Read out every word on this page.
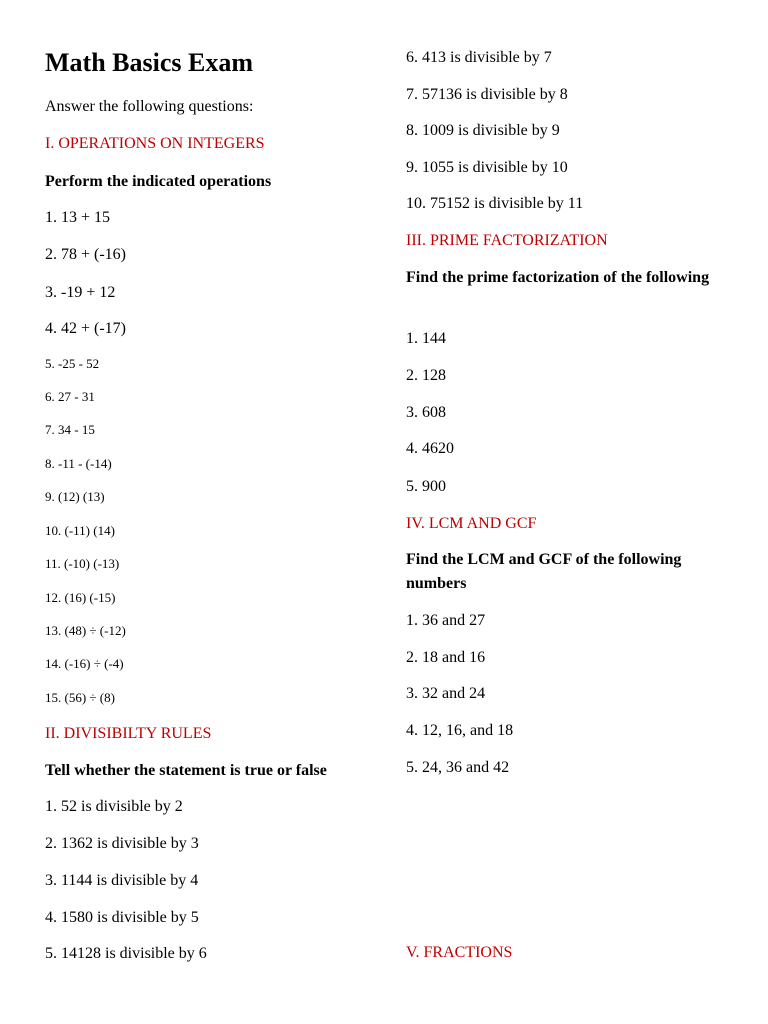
Math Basics Exam

Answer the following questions:

I. OPERATIONS ON INTEGERS

Perform the indicated operations

1. 13 + 15

2. 78 + (-16)

3. -19 + 12

4. 42 + (-17)

5. -25 - 52

6. 27 - 31

7. 34 - 15

8. -11 - (-14)

9. (12) (13)

10. (-11) (14)

11. (-10) (-13)

12. (16) (-15)

13. (48) ÷ (-12)

14. (-16) ÷ (-4)

15. (56) ÷ (8)

II. DIVISIBILTY RULES

Tell whether the statement is true or false

1. 52 is divisible by 2

2. 1362 is divisible by 3

3. 1144 is divisible by 4

4. 1580 is divisible by 5

5. 14128 is divisible by 6

6. 413 is divisible by 7

7. 57136 is divisible by 8

8. 1009 is divisible by 9

9. 1055 is divisible by 10

10. 75152 is divisible by 11

III. PRIME FACTORIZATION

Find the prime factorization of the following

1. 144

2. 128

3. 608

4. 4620

5. 900

IV. LCM AND GCF

Find the LCM and GCF of the following numbers

1. 36 and 27

2. 18 and 16

3. 32 and 24

4. 12, 16, and 18

5. 24, 36 and 42

V. FRACTIONS
